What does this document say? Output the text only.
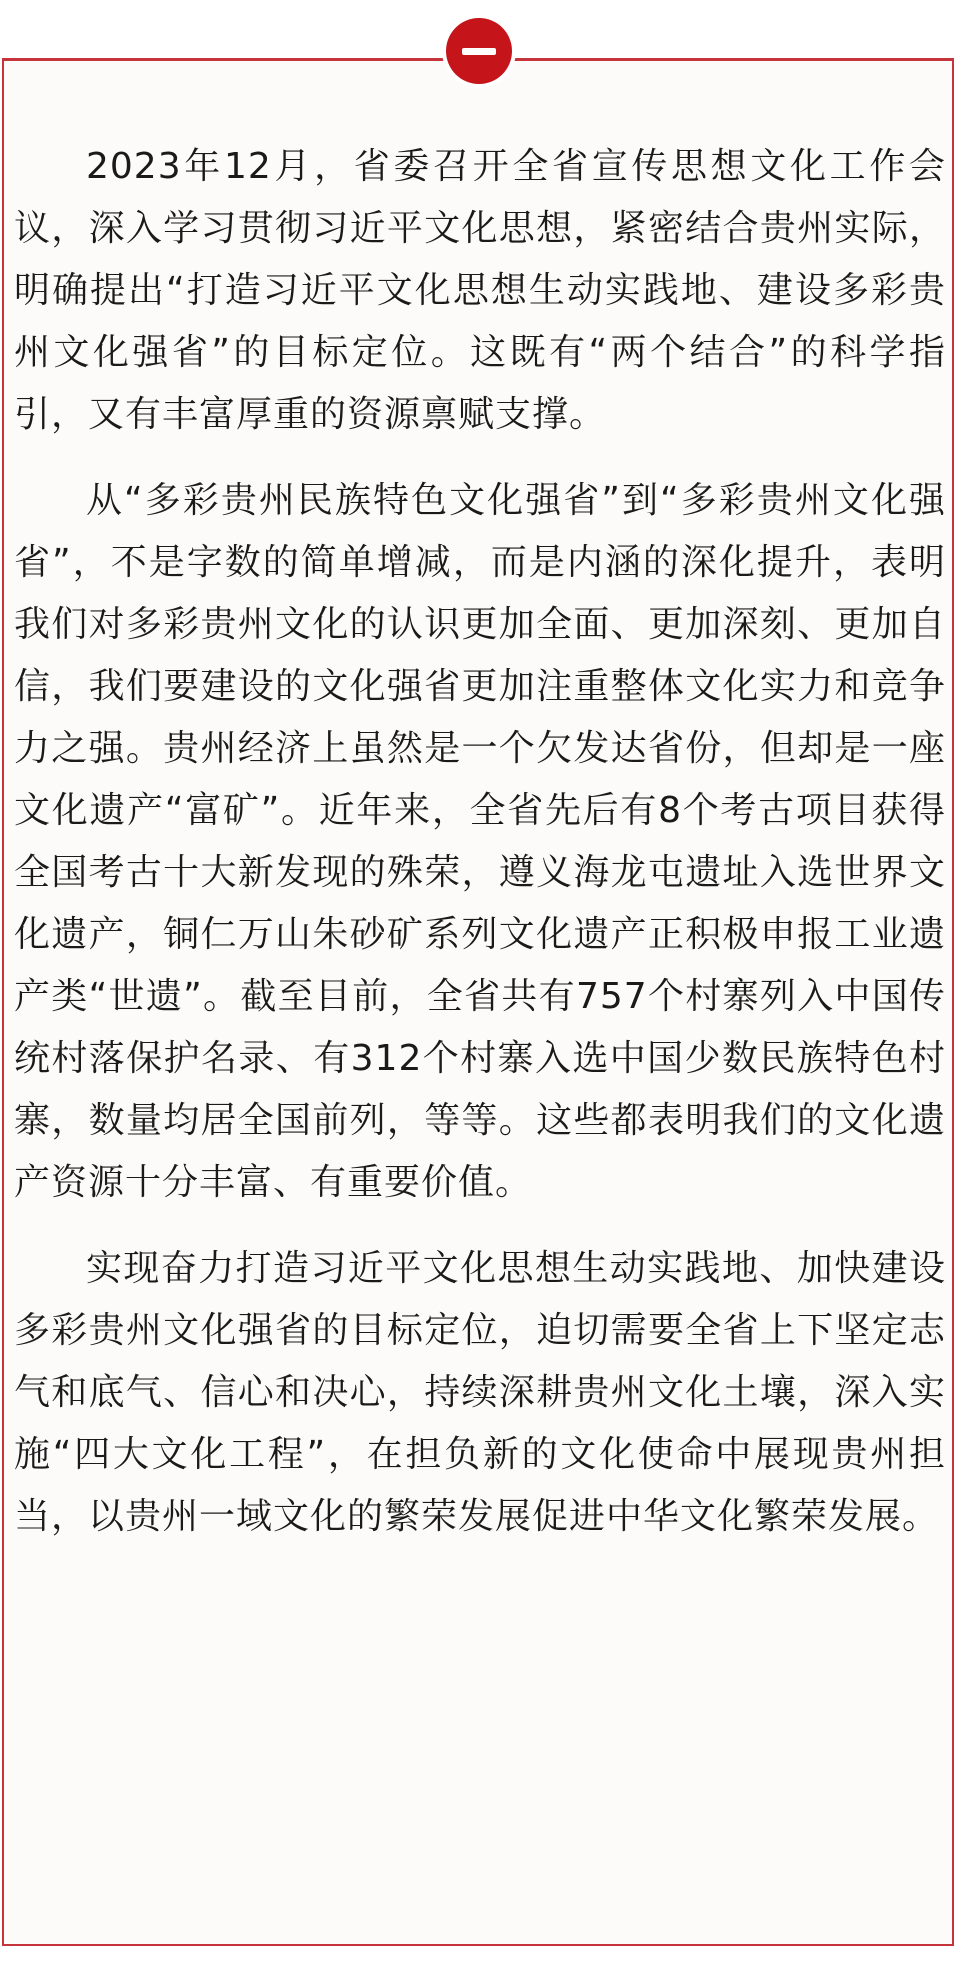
2023年12月，省委召开全省宣传思想文化工作会议，深入学习贯彻习近平文化思想，紧密结合贵州实际，明确提出“打造习近平文化思想生动实践地、建设多彩贵州文化强省”的目标定位。这既有“两个结合”的科学指引，又有丰富厚重的资源禀赋支撑。

从“多彩贵州民族特色文化强省”到“多彩贵州文化强省”，不是字数的简单增减，而是内涵的深化提升，表明我们对多彩贵州文化的认识更加全面、更加深刻、更加自信，我们要建设的文化强省更加注重整体文化实力和竞争力之强。贵州经济上虽然是一个欠发达省份，但却是一座文化遗产“富矿”。近年来，全省先后有8个考古项目获得全国考古十大新发现的殊荣，遵义海龙屯遗址入选世界文化遗产，铜仁万山朱砂矿系列文化遗产正积极申报工业遗产类“世遗”。截至目前，全省共有757个村寨列入中国传统村落保护名录、有312个村寨入选中国少数民族特色村寨，数量均居全国前列，等等。这些都表明我们的文化遗产资源十分丰富、有重要价值。

实现奋力打造习近平文化思想生动实践地、加快建设多彩贵州文化强省的目标定位，迫切需要全省上下坚定志气和底气、信心和决心，持续深耕贵州文化土壤，深入实施“四大文化工程”，在担负新的文化使命中展现贵州担当，以贵州一域文化的繁荣发展促进中华文化繁荣发展。
